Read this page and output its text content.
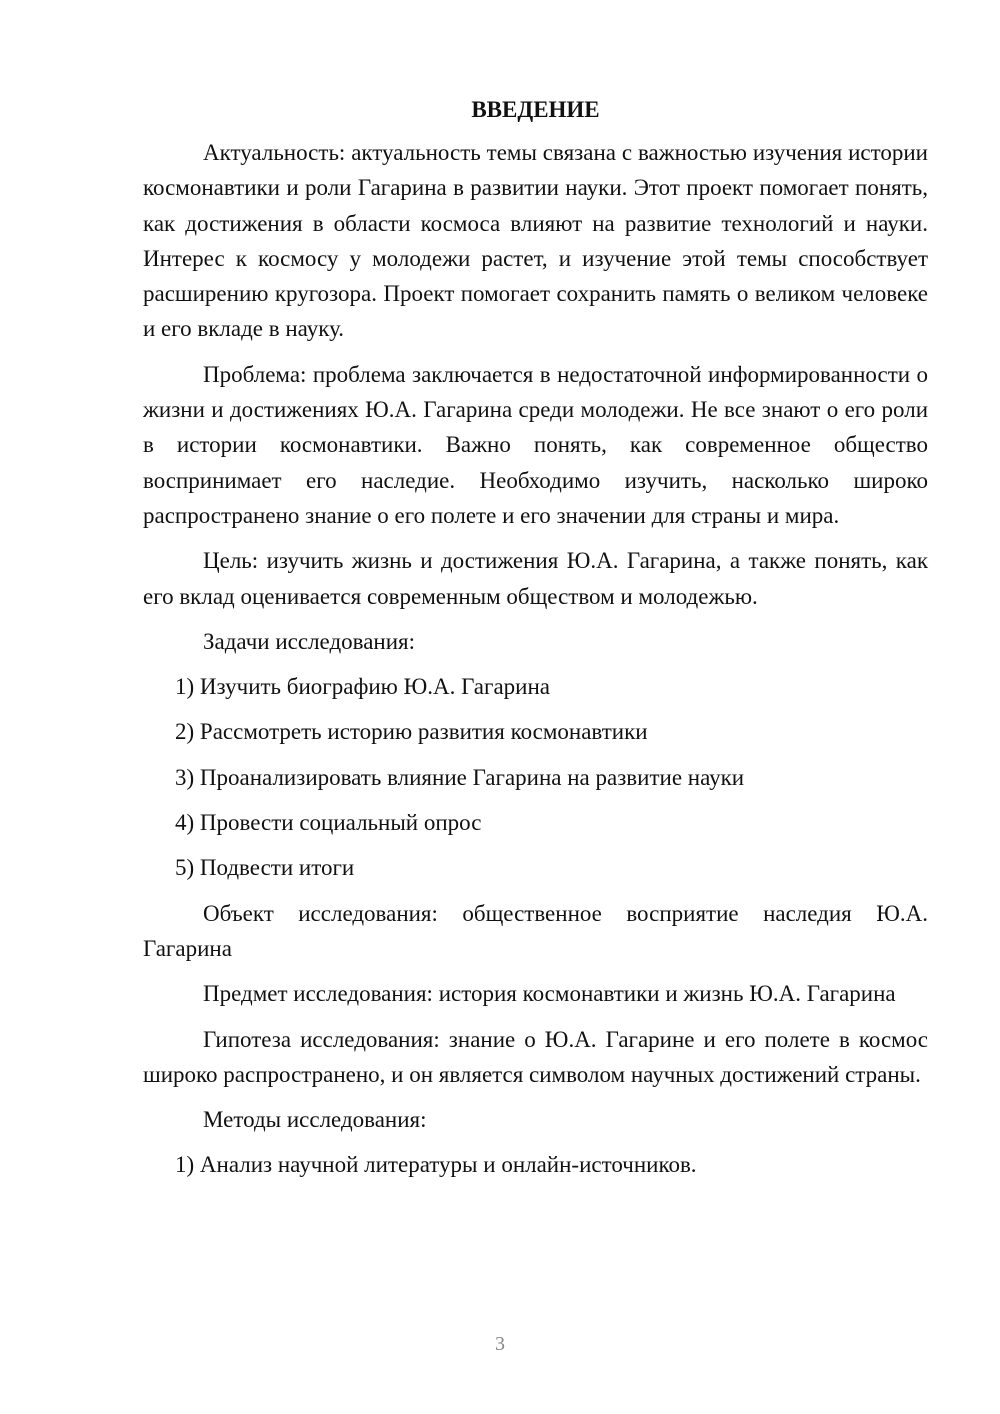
ВВЕДЕНИЕ

Актуальность: актуальность темы связана с важностью изучения истории космонавтики и роли Гагарина в развитии науки. Этот проект помогает понять, как достижения в области космоса влияют на развитие технологий и науки. Интерес к космосу у молодежи растет, и изучение этой темы способствует расширению кругозора. Проект помогает сохранить память о великом человеке и его вкладе в науку.

Проблема: проблема заключается в недостаточной информированности о жизни и достижениях Ю.А. Гагарина среди молодежи. Не все знают о его роли в истории космонавтики. Важно понять, как современное общество воспринимает его наследие. Необходимо изучить, насколько широко распространено знание о его полете и его значении для страны и мира.

Цель: изучить жизнь и достижения Ю.А. Гагарина, а также понять, как его вклад оценивается современным обществом и молодежью.

Задачи исследования:

1) Изучить биографию Ю.А. Гагарина

2) Рассмотреть историю развития космонавтики

3) Проанализировать влияние Гагарина на развитие науки

4) Провести социальный опрос

5) Подвести итоги

Объект исследования: общественное восприятие наследия Ю.А. Гагарина

Предмет исследования: история космонавтики и жизнь Ю.А. Гагарина

Гипотеза исследования: знание о Ю.А. Гагарине и его полете в космос широко распространено, и он является символом научных достижений страны.

Методы исследования:

1) Анализ научной литературы и онлайн-источников.

3
